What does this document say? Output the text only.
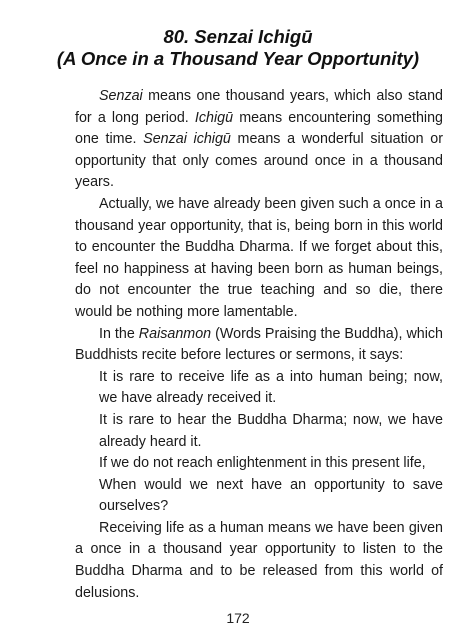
80. Senzai Ichigū
(A Once in a Thousand Year Opportunity)

Senzai means one thousand years, which also stand for a long period. Ichigū means encountering something one time. Senzai ichigū means a wonderful situation or opportunity that only comes around once in a thousand years.

Actually, we have already been given such a once in a thousand year opportunity, that is, being born in this world to encounter the Buddha Dharma. If we forget about this, feel no happiness at having been born as human beings, do not encounter the true teaching and so die, there would be nothing more lamentable.

In the Raisanmon (Words Praising the Buddha), which Buddhists recite before lectures or sermons, it says:

It is rare to receive life as a into human being; now, we have already received it.

It is rare to hear the Buddha Dharma; now, we have already heard it.

If we do not reach enlightenment in this present life,

When would we next have an opportunity to save ourselves?

Receiving life as a human means we have been given a once in a thousand year opportunity to listen to the Buddha Dharma and to be released from this world of delusions.

172
